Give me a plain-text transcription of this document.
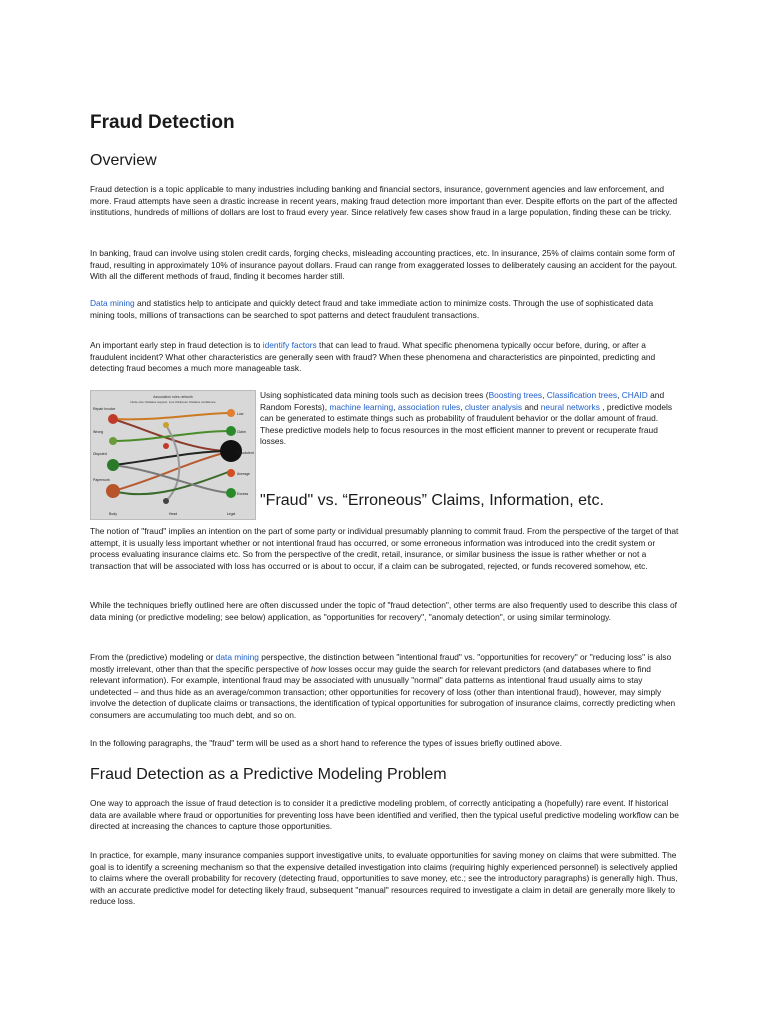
Fraud Detection
Overview

Fraud detection is a topic applicable to many industries including banking and financial sectors, insurance, government agencies and law enforcement, and more. Fraud attempts have seen a drastic increase in recent years, making fraud detection more important than ever. Despite efforts on the part of the affected institutions, hundreds of millions of dollars are lost to fraud every year. Since relatively few cases show fraud in a large population, finding these can be tricky.

In banking, fraud can involve using stolen credit cards, forging checks, misleading accounting practices, etc. In insurance, 25% of claims contain some form of fraud, resulting in approximately 10% of insurance payout dollars. Fraud can range from exaggerated losses to deliberately causing an accident for the payout. With all the different methods of fraud, finding it becomes harder still.

Data mining and statistics help to anticipate and quickly detect fraud and take immediate action to minimize costs. Through the use of sophisticated data mining tools, millions of transactions can be searched to spot patterns and detect fraudulent transactions.

An important early step in fraud detection is to identify factors that can lead to fraud. What specific phenomena typically occur before, during, or after a fraudulent incident? What other characteristics are generally seen with fraud? When these phenomena and characteristics are pinpointed, predicting and detecting fraud becomes a much more manageable task.

Association rules network
Node size: Relative support, Line thickness: Relative confidence
Repair Invoice
Wrong
Disputed
Paperwork
Low
Claim
Fraudulent
Average
Excess
Body	Head	Legal
Using sophisticated data mining tools such as decision trees (Boosting trees, Classification trees, CHAID and Random Forests), machine learning, association rules, cluster analysis and neural networks , predictive models can be generated to estimate things such as probability of fraudulent behavior or the dollar amount of fraud. These predictive models help to focus resources in the most efficient manner to prevent or recuperate fraud losses.
"Fraud" vs. “Erroneous” Claims, Information, etc.

The notion of "fraud" implies an intention on the part of some party or individual presumably planning to commit fraud. From the perspective of the target of that attempt, it is usually less important whether or not intentional fraud has occurred, or some erroneous information was introduced into the credit system or process evaluating insurance claims etc. So from the perspective of the credit, retail, insurance, or similar business the issue is rather whether or not a transaction that will be associated with loss has occurred or is about to occur, if a claim can be subrogated, rejected, or funds recovered somehow, etc.

While the techniques briefly outlined here are often discussed under the topic of "fraud detection", other terms are also frequently used to describe this class of data mining (or predictive modeling; see below) application, as "opportunities for recovery", "anomaly detection", or using similar terminology.

From the (predictive) modeling or data mining perspective, the distinction between "intentional fraud" vs. "opportunities for recovery" or "reducing loss" is also mostly irrelevant, other than that the specific perspective of how losses occur may guide the search for relevant predictors (and databases where to find relevant information). For example, intentional fraud may be associated with unusually "normal" data patterns as intentional fraud usually aims to stay undetected – and thus hide as an average/common transaction; other opportunities for recovery of loss (other than intentional fraud), however, may simply involve the detection of duplicate claims or transactions, the identification of typical opportunities for subrogation of insurance claims, correctly predicting when consumers are accumulating too much debt, and so on.

In the following paragraphs, the "fraud" term will be used as a short hand to reference the types of issues briefly outlined above.

Fraud Detection as a Predictive Modeling Problem

One way to approach the issue of fraud detection is to consider it a predictive modeling problem, of correctly anticipating a (hopefully) rare event. If historical data are available where fraud or opportunities for preventing loss have been identified and verified, then the typical useful predictive modeling workflow can be directed at increasing the chances to capture those opportunities.

In practice, for example, many insurance companies support investigative units, to evaluate opportunities for saving money on claims that were submitted. The goal is to identify a screening mechanism so that the expensive detailed investigation into claims (requiring highly experienced personnel) is selectively applied to claims where the overall probability for recovery (detecting fraud, opportunities to save money, etc.; see the introductory paragraphs) is generally high. Thus, with an accurate predictive model for detecting likely fraud, subsequent "manual" resources required to investigate a claim in detail are generally more likely to reduce loss.
